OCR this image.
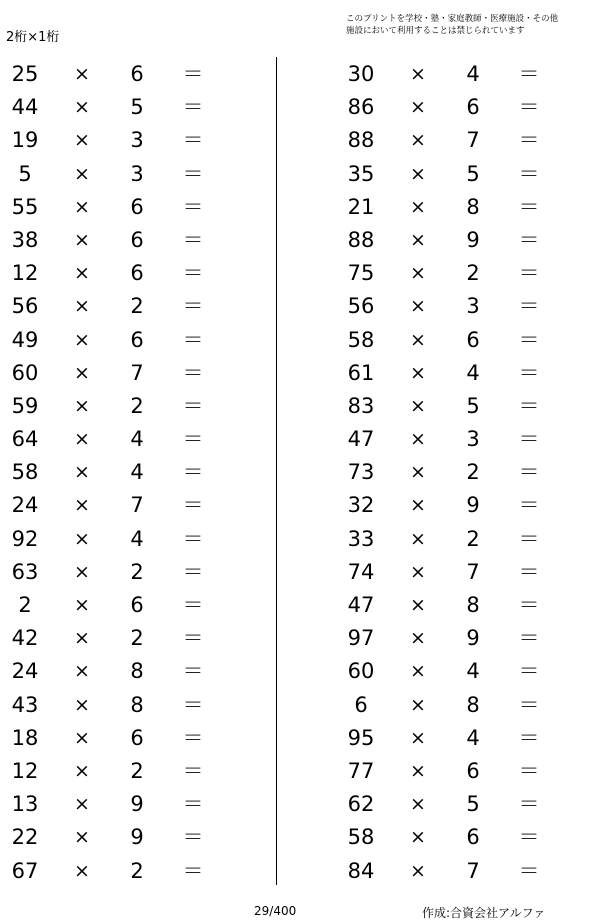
2桁×1桁
このプリントを学校・塾・家庭教師・医療施設・その他
施設において利用することは禁じられています
25	× 6 ＝
44	× 5 ＝
19	× 3 ＝
5	× 3 ＝
55	× 6 ＝
38	× 6 ＝
12	× 6 ＝
56	× 2 ＝
49	× 6 ＝
60	× 7 ＝
59	× 2 ＝
64	× 4 ＝
58	× 4 ＝
24	× 7 ＝
92	× 4 ＝
63	× 2 ＝
2	× 6 ＝
42	× 2 ＝
24	× 8 ＝
43	× 8 ＝
18	× 6 ＝
12	× 2 ＝
13	× 9 ＝
22	× 9 ＝
67	× 2 ＝
30	× 4 ＝
86	× 6 ＝
88	× 7 ＝
35	× 5 ＝
21	× 8 ＝
88	× 9 ＝
75	× 2 ＝
56	× 3 ＝
58	× 6 ＝
61	× 4 ＝
83	× 5 ＝
47	× 3 ＝
73	× 2 ＝
32	× 9 ＝
33	× 2 ＝
74	× 7 ＝
47	× 8 ＝
97	× 9 ＝
60	× 4 ＝
6	× 8 ＝
95	× 4 ＝
77	× 6 ＝
62	× 5 ＝
58	× 6 ＝
84	× 7 ＝
29/400	作成:合資会社アルファ
